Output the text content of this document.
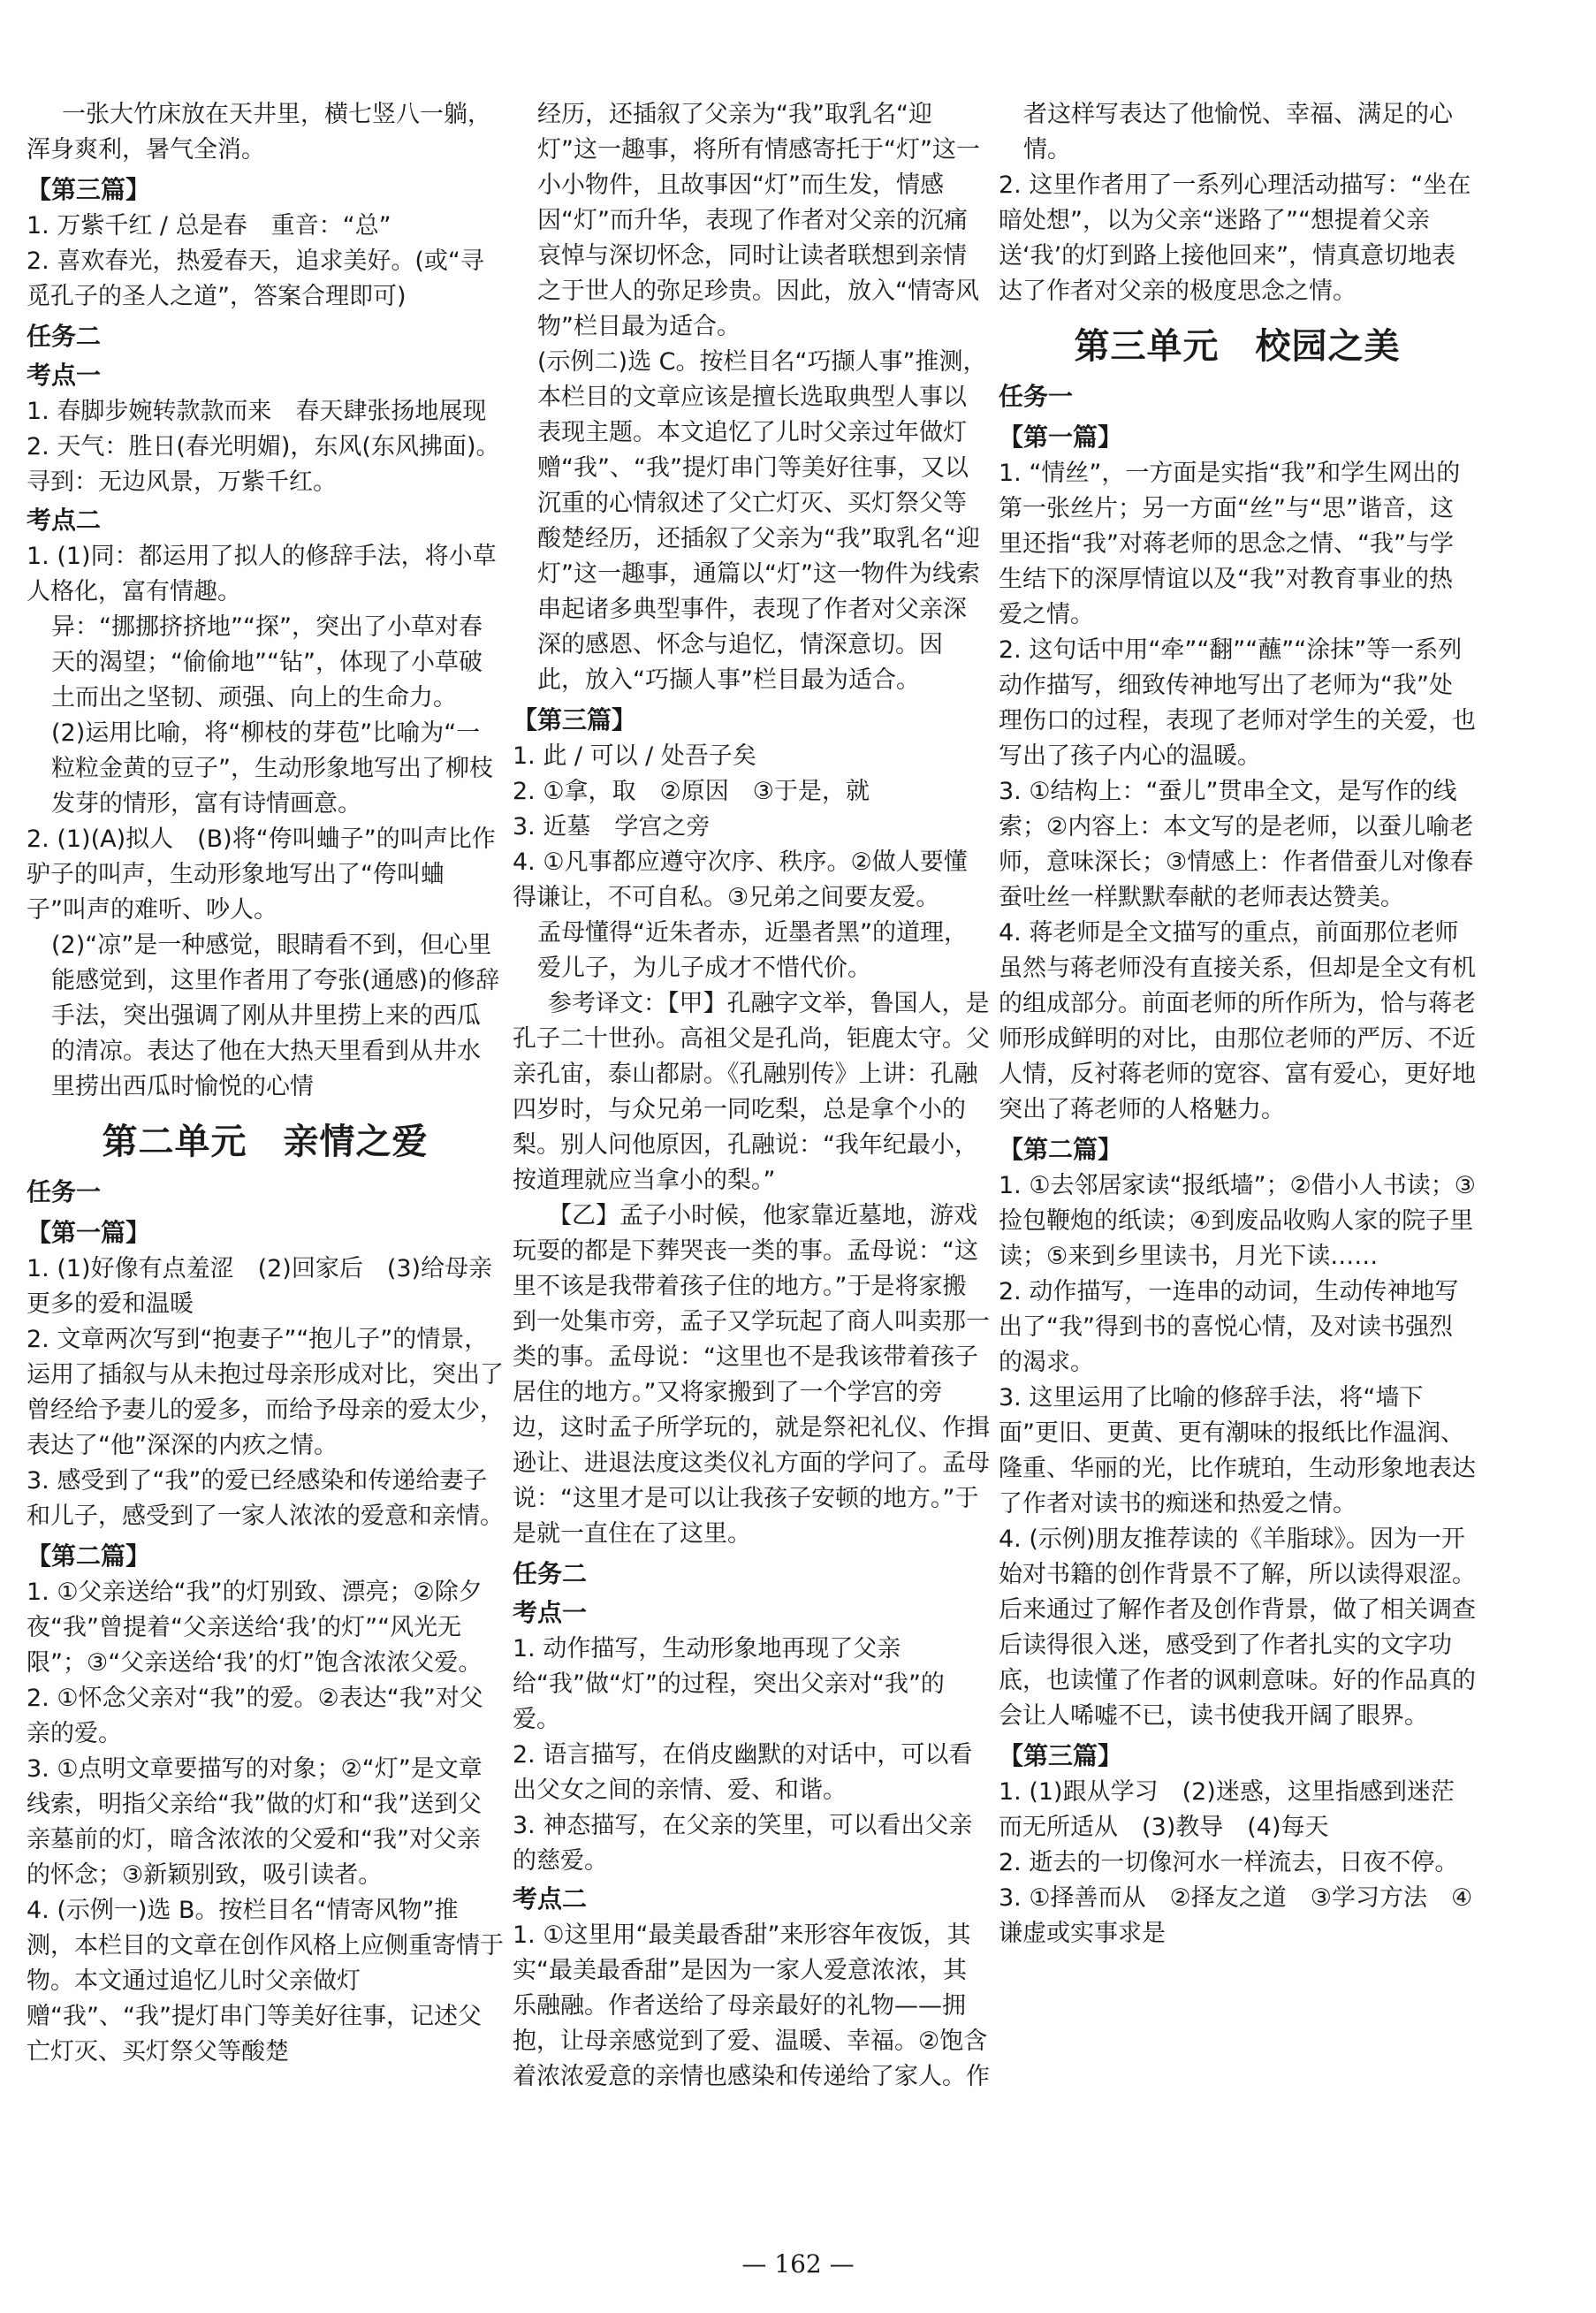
一张大竹床放在天井里，横七竖八一躺，浑身爽利，暑气全消。
【第三篇】
1. 万紫千红 / 总是春　重音：“总”
2. 喜欢春光，热爱春天，追求美好。(或“寻觅孔子的圣人之道”，答案合理即可)
任务二
考点一
1. 春脚步婉转款款而来　春天肆张扬地展现
2. 天气：胜日(春光明媚)，东风(东风拂面)。寻到：无边风景，万紫千红。
考点二
1. (1)同：都运用了拟人的修辞手法，将小草人格化，富有情趣。
异：“挪挪挤挤地”“探”，突出了小草对春天的渴望；“偷偷地”“钻”，体现了小草破土而出之坚韧、顽强、向上的生命力。
(2)运用比喻，将“柳枝的芽苞”比喻为“一粒粒金黄的豆子”，生动形象地写出了柳枝发芽的情形，富有诗情画意。
2. (1)(A)拟人　(B)将“侉叫蛐子”的叫声比作驴子的叫声，生动形象地写出了“侉叫蛐子”叫声的难听、吵人。
(2)“凉”是一种感觉，眼睛看不到，但心里能感觉到，这里作者用了夸张(通感)的修辞手法，突出强调了刚从井里捞上来的西瓜的清凉。表达了他在大热天里看到从井水里捞出西瓜时愉悦的心情
第二单元　亲情之爱
任务一
【第一篇】
1. (1)好像有点羞涩　(2)回家后　(3)给母亲更多的爱和温暖
2. 文章两次写到“抱妻子”“抱儿子”的情景，运用了插叙与从未抱过母亲形成对比，突出了曾经给予妻儿的爱多，而给予母亲的爱太少，表达了“他”深深的内疚之情。
3. 感受到了“我”的爱已经感染和传递给妻子和儿子，感受到了一家人浓浓的爱意和亲情。
【第二篇】
1. ①父亲送给“我”的灯别致、漂亮；②除夕夜“我”曾提着“父亲送给‘我’的灯”“风光无限”；③“父亲送给‘我’的灯”饱含浓浓父爱。
2. ①怀念父亲对“我”的爱。②表达“我”对父亲的爱。
3. ①点明文章要描写的对象；②“灯”是文章线索，明指父亲给“我”做的灯和“我”送到父亲墓前的灯，暗含浓浓的父爱和“我”对父亲的怀念；③新颖别致，吸引读者。
4. (示例一)选 B。按栏目名“情寄风物”推测，本栏目的文章在创作风格上应侧重寄情于物。本文通过追忆儿时父亲做灯赠“我”、“我”提灯串门等美好往事，记述父亡灯灭、买灯祭父等酸楚
经历，还插叙了父亲为“我”取乳名“迎灯”这一趣事，将所有情感寄托于“灯”这一小小物件，且故事因“灯”而生发，情感因“灯”而升华，表现了作者对父亲的沉痛哀悼与深切怀念，同时让读者联想到亲情之于世人的弥足珍贵。因此，放入“情寄风物”栏目最为适合。
(示例二)选 C。按栏目名“巧撷人事”推测，本栏目的文章应该是擅长选取典型人事以表现主题。本文追忆了儿时父亲过年做灯赠“我”、“我”提灯串门等美好往事，又以沉重的心情叙述了父亡灯灭、买灯祭父等酸楚经历，还插叙了父亲为“我”取乳名“迎灯”这一趣事，通篇以“灯”这一物件为线索串起诸多典型事件，表现了作者对父亲深深的感恩、怀念与追忆，情深意切。因此，放入“巧撷人事”栏目最为适合。
【第三篇】
1. 此 / 可以 / 处吾子矣
2. ①拿，取　②原因　③于是，就
3. 近墓　学宫之旁
4. ①凡事都应遵守次序、秩序。②做人要懂得谦让，不可自私。③兄弟之间要友爱。
孟母懂得“近朱者赤，近墨者黑”的道理，爱儿子，为儿子成才不惜代价。
参考译文：【甲】孔融字文举，鲁国人，是孔子二十世孙。高祖父是孔尚，钜鹿太守。父亲孔宙，泰山都尉。《孔融别传》上讲：孔融四岁时，与众兄弟一同吃梨，总是拿个小的梨。别人问他原因，孔融说：“我年纪最小，按道理就应当拿小的梨。”
【乙】孟子小时候，他家靠近墓地，游戏玩耍的都是下葬哭丧一类的事。孟母说：“这里不该是我带着孩子住的地方。”于是将家搬到一处集市旁，孟子又学玩起了商人叫卖那一类的事。孟母说：“这里也不是我该带着孩子居住的地方。”又将家搬到了一个学宫的旁边，这时孟子所学玩的，就是祭祀礼仪、作揖逊让、进退法度这类仪礼方面的学问了。孟母说：“这里才是可以让我孩子安顿的地方。”于是就一直住在了这里。
任务二
考点一
1. 动作描写，生动形象地再现了父亲给“我”做“灯”的过程，突出父亲对“我”的爱。
2. 语言描写，在俏皮幽默的对话中，可以看出父女之间的亲情、爱、和谐。
3. 神态描写，在父亲的笑里，可以看出父亲的慈爱。
考点二
1. ①这里用“最美最香甜”来形容年夜饭，其实“最美最香甜”是因为一家人爱意浓浓，其乐融融。作者送给了母亲最好的礼物——拥抱，让母亲感觉到了爱、温暖、幸福。②饱含着浓浓爱意的亲情也感染和传递给了家人。作
者这样写表达了他愉悦、幸福、满足的心情。
2. 这里作者用了一系列心理活动描写：“坐在暗处想”，以为父亲“迷路了”“想提着父亲送‘我’的灯到路上接他回来”，情真意切地表达了作者对父亲的极度思念之情。
第三单元　校园之美
任务一
【第一篇】
1. “情丝”，一方面是实指“我”和学生网出的第一张丝片；另一方面“丝”与“思”谐音，这里还指“我”对蒋老师的思念之情、“我”与学生结下的深厚情谊以及“我”对教育事业的热爱之情。
2. 这句话中用“牵”“翻”“蘸”“涂抹”等一系列动作描写，细致传神地写出了老师为“我”处理伤口的过程，表现了老师对学生的关爱，也写出了孩子内心的温暖。
3. ①结构上：“蚕儿”贯串全文，是写作的线索；②内容上：本文写的是老师，以蚕儿喻老师，意味深长；③情感上：作者借蚕儿对像春蚕吐丝一样默默奉献的老师表达赞美。
4. 蒋老师是全文描写的重点，前面那位老师虽然与蒋老师没有直接关系，但却是全文有机的组成部分。前面老师的所作所为，恰与蒋老师形成鲜明的对比，由那位老师的严厉、不近人情，反衬蒋老师的宽容、富有爱心，更好地突出了蒋老师的人格魅力。
【第二篇】
1. ①去邻居家读“报纸墙”；②借小人书读；③捡包鞭炮的纸读；④到废品收购人家的院子里读；⑤来到乡里读书，月光下读……
2. 动作描写，一连串的动词，生动传神地写出了“我”得到书的喜悦心情，及对读书强烈的渴求。
3. 这里运用了比喻的修辞手法，将“墙下面”更旧、更黄、更有潮味的报纸比作温润、隆重、华丽的光，比作琥珀，生动形象地表达了作者对读书的痴迷和热爱之情。
4. (示例)朋友推荐读的《羊脂球》。因为一开始对书籍的创作背景不了解，所以读得艰涩。后来通过了解作者及创作背景，做了相关调查后读得很入迷，感受到了作者扎实的文字功底，也读懂了作者的讽刺意味。好的作品真的会让人唏嘘不已，读书使我开阔了眼界。
【第三篇】
1. (1)跟从学习　(2)迷惑，这里指感到迷茫而无所适从　(3)教导　(4)每天
2. 逝去的一切像河水一样流去，日夜不停。
3. ①择善而从　②择友之道　③学习方法　④谦虚或实事求是
— 162 —
